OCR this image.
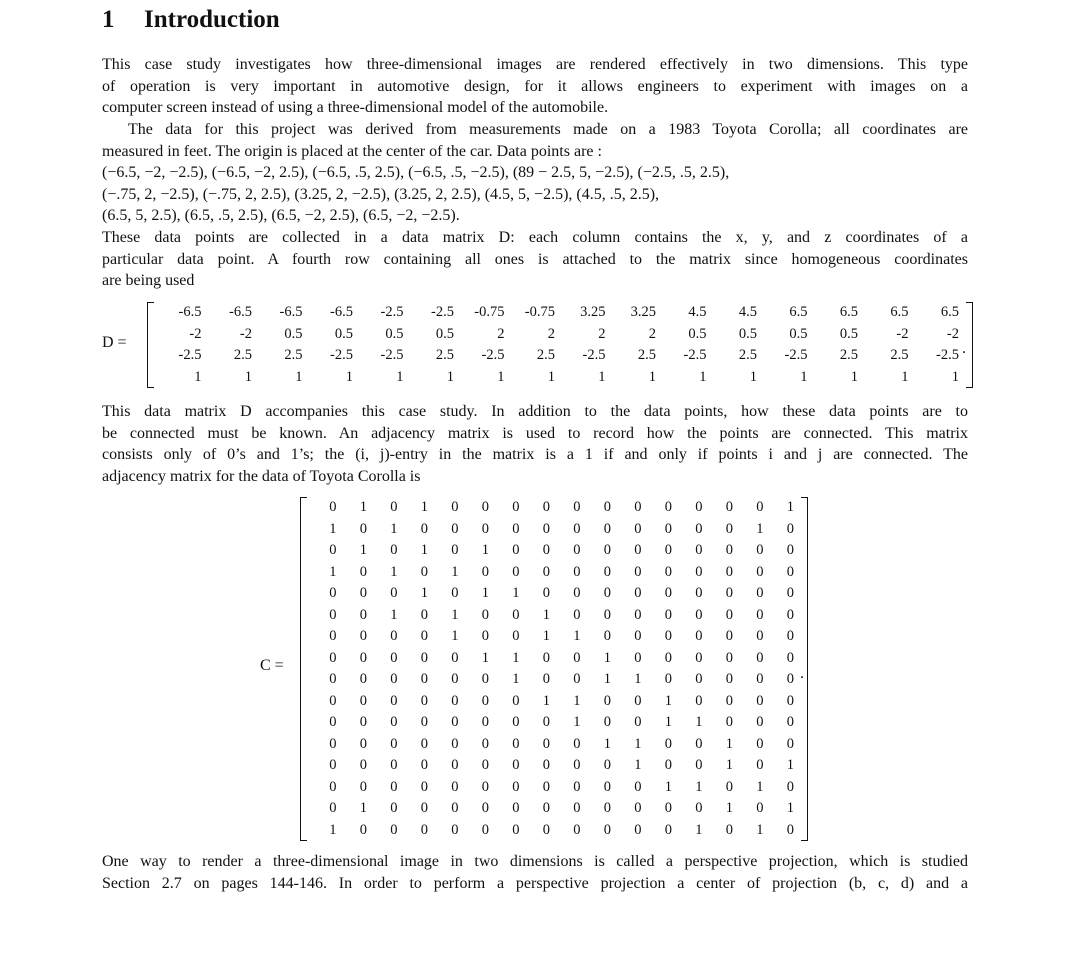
1 Introduction
This case study investigates how three-dimensional images are rendered effectively in two dimensions. This type
of operation is very important in automotive design, for it allows engineers to experiment with images on a
computer screen instead of using a three-dimensional model of the automobile.
The data for this project was derived from measurements made on a 1983 Toyota Corolla; all coordinates are
measured in feet. The origin is placed at the center of the car. Data points are :
(−6.5, −2, −2.5), (−6.5, −2, 2.5), (−6.5, .5, 2.5), (−6.5, .5, −2.5), (89 − 2.5, 5, −2.5), (−2.5, .5, 2.5),
(−.75, 2, −2.5), (−.75, 2, 2.5), (3.25, 2, −2.5), (3.25, 2, 2.5), (4.5, 5, −2.5), (4.5, .5, 2.5),
(6.5, 5, 2.5), (6.5, .5, 2.5), (6.5, −2, 2.5), (6.5, −2, −2.5).
These data points are collected in a data matrix D: each column contains the x, y, and z coordinates of a
particular data point. A fourth row containing all ones is attached to the matrix since homogeneous coordinates
are being used
D =
-6.5	-6.5	-6.5	-6.5	-2.5	-2.5	-0.75	-0.75	3.25	3.25	4.5	4.5	6.5	6.5	6.5	6.5
-2	-2	0.5	0.5	0.5	0.5	2	2	2	2	0.5	0.5	0.5	0.5	-2	-2
-2.5	2.5	2.5	-2.5	-2.5	2.5	-2.5	2.5	-2.5	2.5	-2.5	2.5	-2.5	2.5	2.5	-2.5
1	1	1	1	1	1	1	1	1	1	1	1	1	1	1	1
.
This data matrix D accompanies this case study. In addition to the data points, how these data points are to
be connected must be known. An adjacency matrix is used to record how the points are connected. This matrix
consists only of 0’s and 1’s; the (i, j)-entry in the matrix is a 1 if and only if points i and j are connected. The
adjacency matrix for the data of Toyota Corolla is
C =
0	1	0	1	0	0	0	0	0	0	0	0	0	0	0	1
1	0	1	0	0	0	0	0	0	0	0	0	0	0	1	0
0	1	0	1	0	1	0	0	0	0	0	0	0	0	0	0
1	0	1	0	1	0	0	0	0	0	0	0	0	0	0	0
0	0	0	1	0	1	1	0	0	0	0	0	0	0	0	0
0	0	1	0	1	0	0	1	0	0	0	0	0	0	0	0
0	0	0	0	1	0	0	1	1	0	0	0	0	0	0	0
0	0	0	0	0	1	1	0	0	1	0	0	0	0	0	0
0	0	0	0	0	0	1	0	0	1	1	0	0	0	0	0
0	0	0	0	0	0	0	1	1	0	0	1	0	0	0	0
0	0	0	0	0	0	0	0	1	0	0	1	1	0	0	0
0	0	0	0	0	0	0	0	0	1	1	0	0	1	0	0
0	0	0	0	0	0	0	0	0	0	1	0	0	1	0	1
0	0	0	0	0	0	0	0	0	0	0	1	1	0	1	0
0	1	0	0	0	0	0	0	0	0	0	0	0	1	0	1
1	0	0	0	0	0	0	0	0	0	0	0	1	0	1	0
.
One way to render a three-dimensional image in two dimensions is called a perspective projection, which is studied
Section 2.7 on pages 144-146. In order to perform a perspective projection a center of projection (b, c, d) and a
